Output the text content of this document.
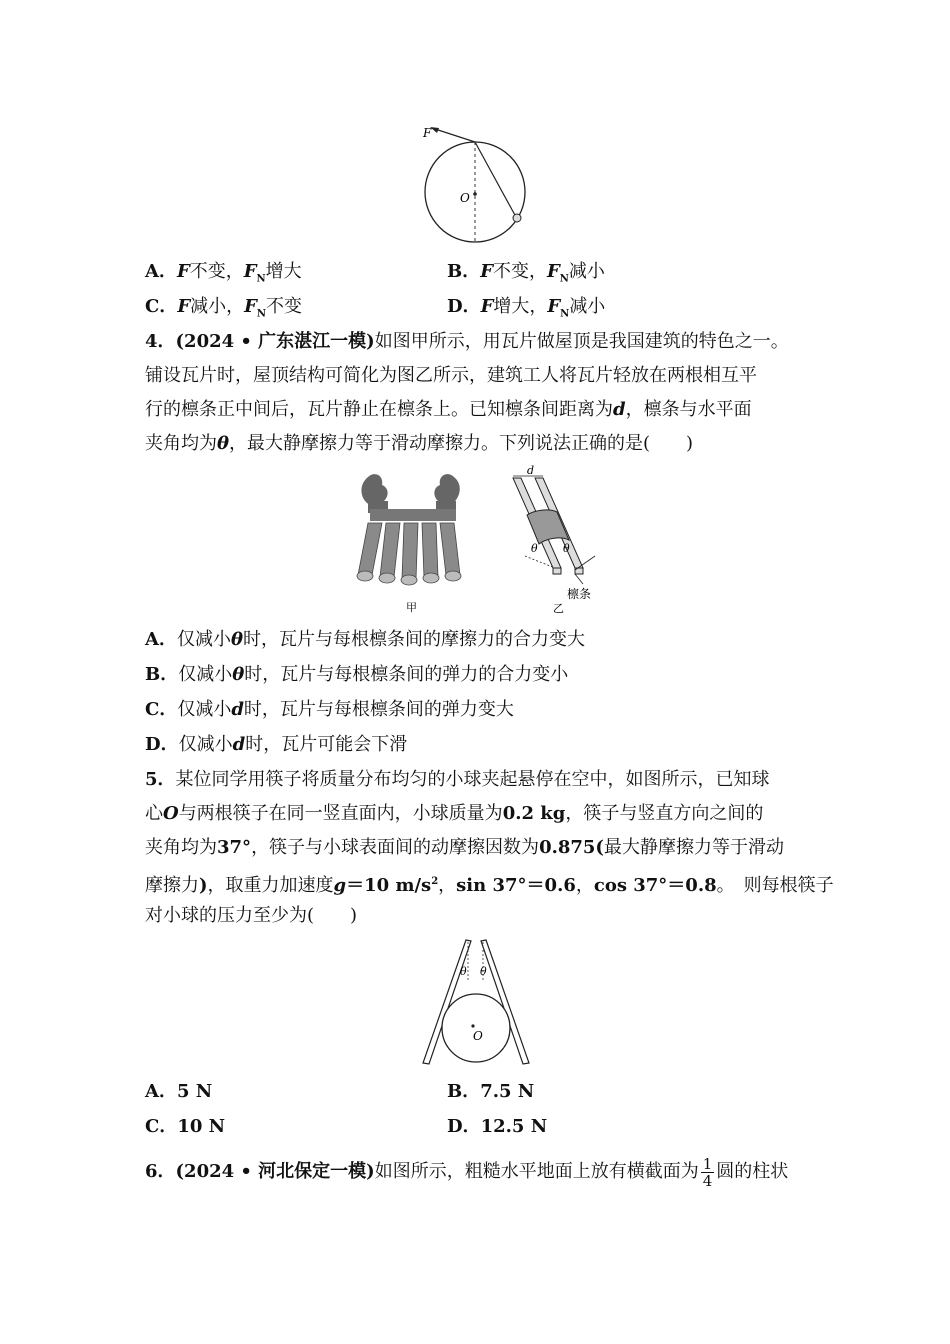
F
O
A．F不变，$F_N$增大	B．F不变，$F_N$减小
C．F减小，$F_N$不变	D．F增大，$F_N$减小
4．(2024 • 广东湛江一模)如图甲所示，用瓦片做屋顶是我国建筑的特色之一。
铺设瓦片时，屋顶结构可简化为图乙所示，建筑工人将瓦片轻放在两根相互平
行的檩条正中间后，瓦片静止在檩条上。已知檩条间距离为d，檩条与水平面
夹角均为θ，最大静摩擦力等于滑动摩擦力。下列说法正确的是(　　)
甲
d
θ θ
檩条
乙
A．仅减小θ时，瓦片与每根檩条间的摩擦力的合力变大
B．仅减小θ时，瓦片与每根檩条间的弹力的合力变小
C．仅减小d时，瓦片与每根檩条间的弹力变大
D．仅减小d时，瓦片可能会下滑
5．某位同学用筷子将质量分布均匀的小球夹起悬停在空中，如图所示，已知球
心O与两根筷子在同一竖直面内，小球质量为0.2 kg，筷子与竖直方向之间的
夹角均为37°，筷子与小球表面间的动摩擦因数为0.875(最大静摩擦力等于滑动
摩擦力)，取重力加速度g＝10 $m/s^2$，sin 37°＝0.6，cos 37°＝0.8。　则每根筷子
对小球的压力至少为(　　)
θ θ
O
A．5 N	B．7.5 N
C．10 N	D．12.5 N
6．(2024 • 河北保定一模)如图所示，粗糙水平地面上放有横截面为 $\frac{1}{4}$ 圆的柱状
